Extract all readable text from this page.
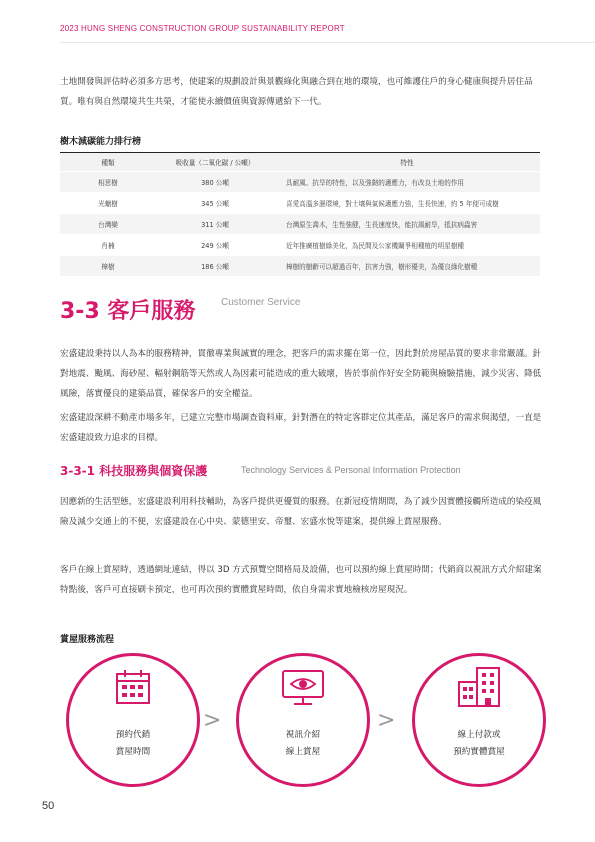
2023 HUNG SHENG CONSTRUCTION GROUP SUSTAINABILITY REPORT
土地開發與評估時必須多方思考，使建案的規劃設計與景觀綠化與融合到在地的環境，也可維護住戶的身心健康與提升居住品質。唯有與自然環境共生共榮，才能使永續價值與資源傳遞給下一代。
樹木減碳能力排行榜
種類	吸收量（二氧化碳 / 公噸）	特性
相思樹	380 公噸	具耐風、抗旱的特性，以及強韌的適應力，有改良土地的作用
光蠟樹	345 公噸	喜愛高溫多濕環境，對土壤與氣候適應力強，生長快速，約 5 年便可成樹
台灣欒	311 公噸	台灣原生喬木，生性強健，生長速度快，能抗風耐旱，抵抗病蟲害
肖楠	249 公噸	近年推廣植樹綠美化，為民間及公家機關爭相種植的明星樹種
樟樹	186 公噸	樟樹的樹齡可以超過百年，抗害力強，樹形優美，為優良綠化樹種
3-3 客戶服務	Customer Service
宏盛建設秉持以人為本的服務精神，貫徹專業與誠實的理念，把客戶的需求擺在第一位，因此對於房屋品質的要求非常嚴謹。針對地震、颱風、海砂屋、輻射鋼筋等天然或人為因素可能造成的重大破壞，皆於事前作好安全防範與檢驗措施，減少災害、降低風險，落實優良的建築品質，確保客戶的安全權益。
宏盛建設深耕不動產市場多年，已建立完整市場調查資料庫，針對潛在的特定客群定位其產品，滿足客戶的需求與渴望，一直是宏盛建設致力追求的目標。
3-3-1 科技服務與個資保護	Technology Services & Personal Information Protection
因應新的生活型態，宏盛建設利用科技輔助，為客戶提供更優質的服務。在新冠疫情期間，為了減少因實體接觸所造成的染疫風險及減少交通上的不便，宏盛建設在心中央、蒙德里安、帝璽、宏盛水悅等建案，提供線上賞屋服務。
客戶在線上賞屋時，透過網址連結，得以 3D 方式預覽空間格局及設備，也可以預約線上賞屋時間；代銷商以視訊方式介紹建案特點後，客戶可直接刷卡預定，也可再次預約實體賞屋時間，依自身需求實地檢核房屋現況。
賞屋服務流程
預約代銷
賞屋時間
>
視訊介紹
線上賞屋
>
線上付款或
預約實體賞屋
50
